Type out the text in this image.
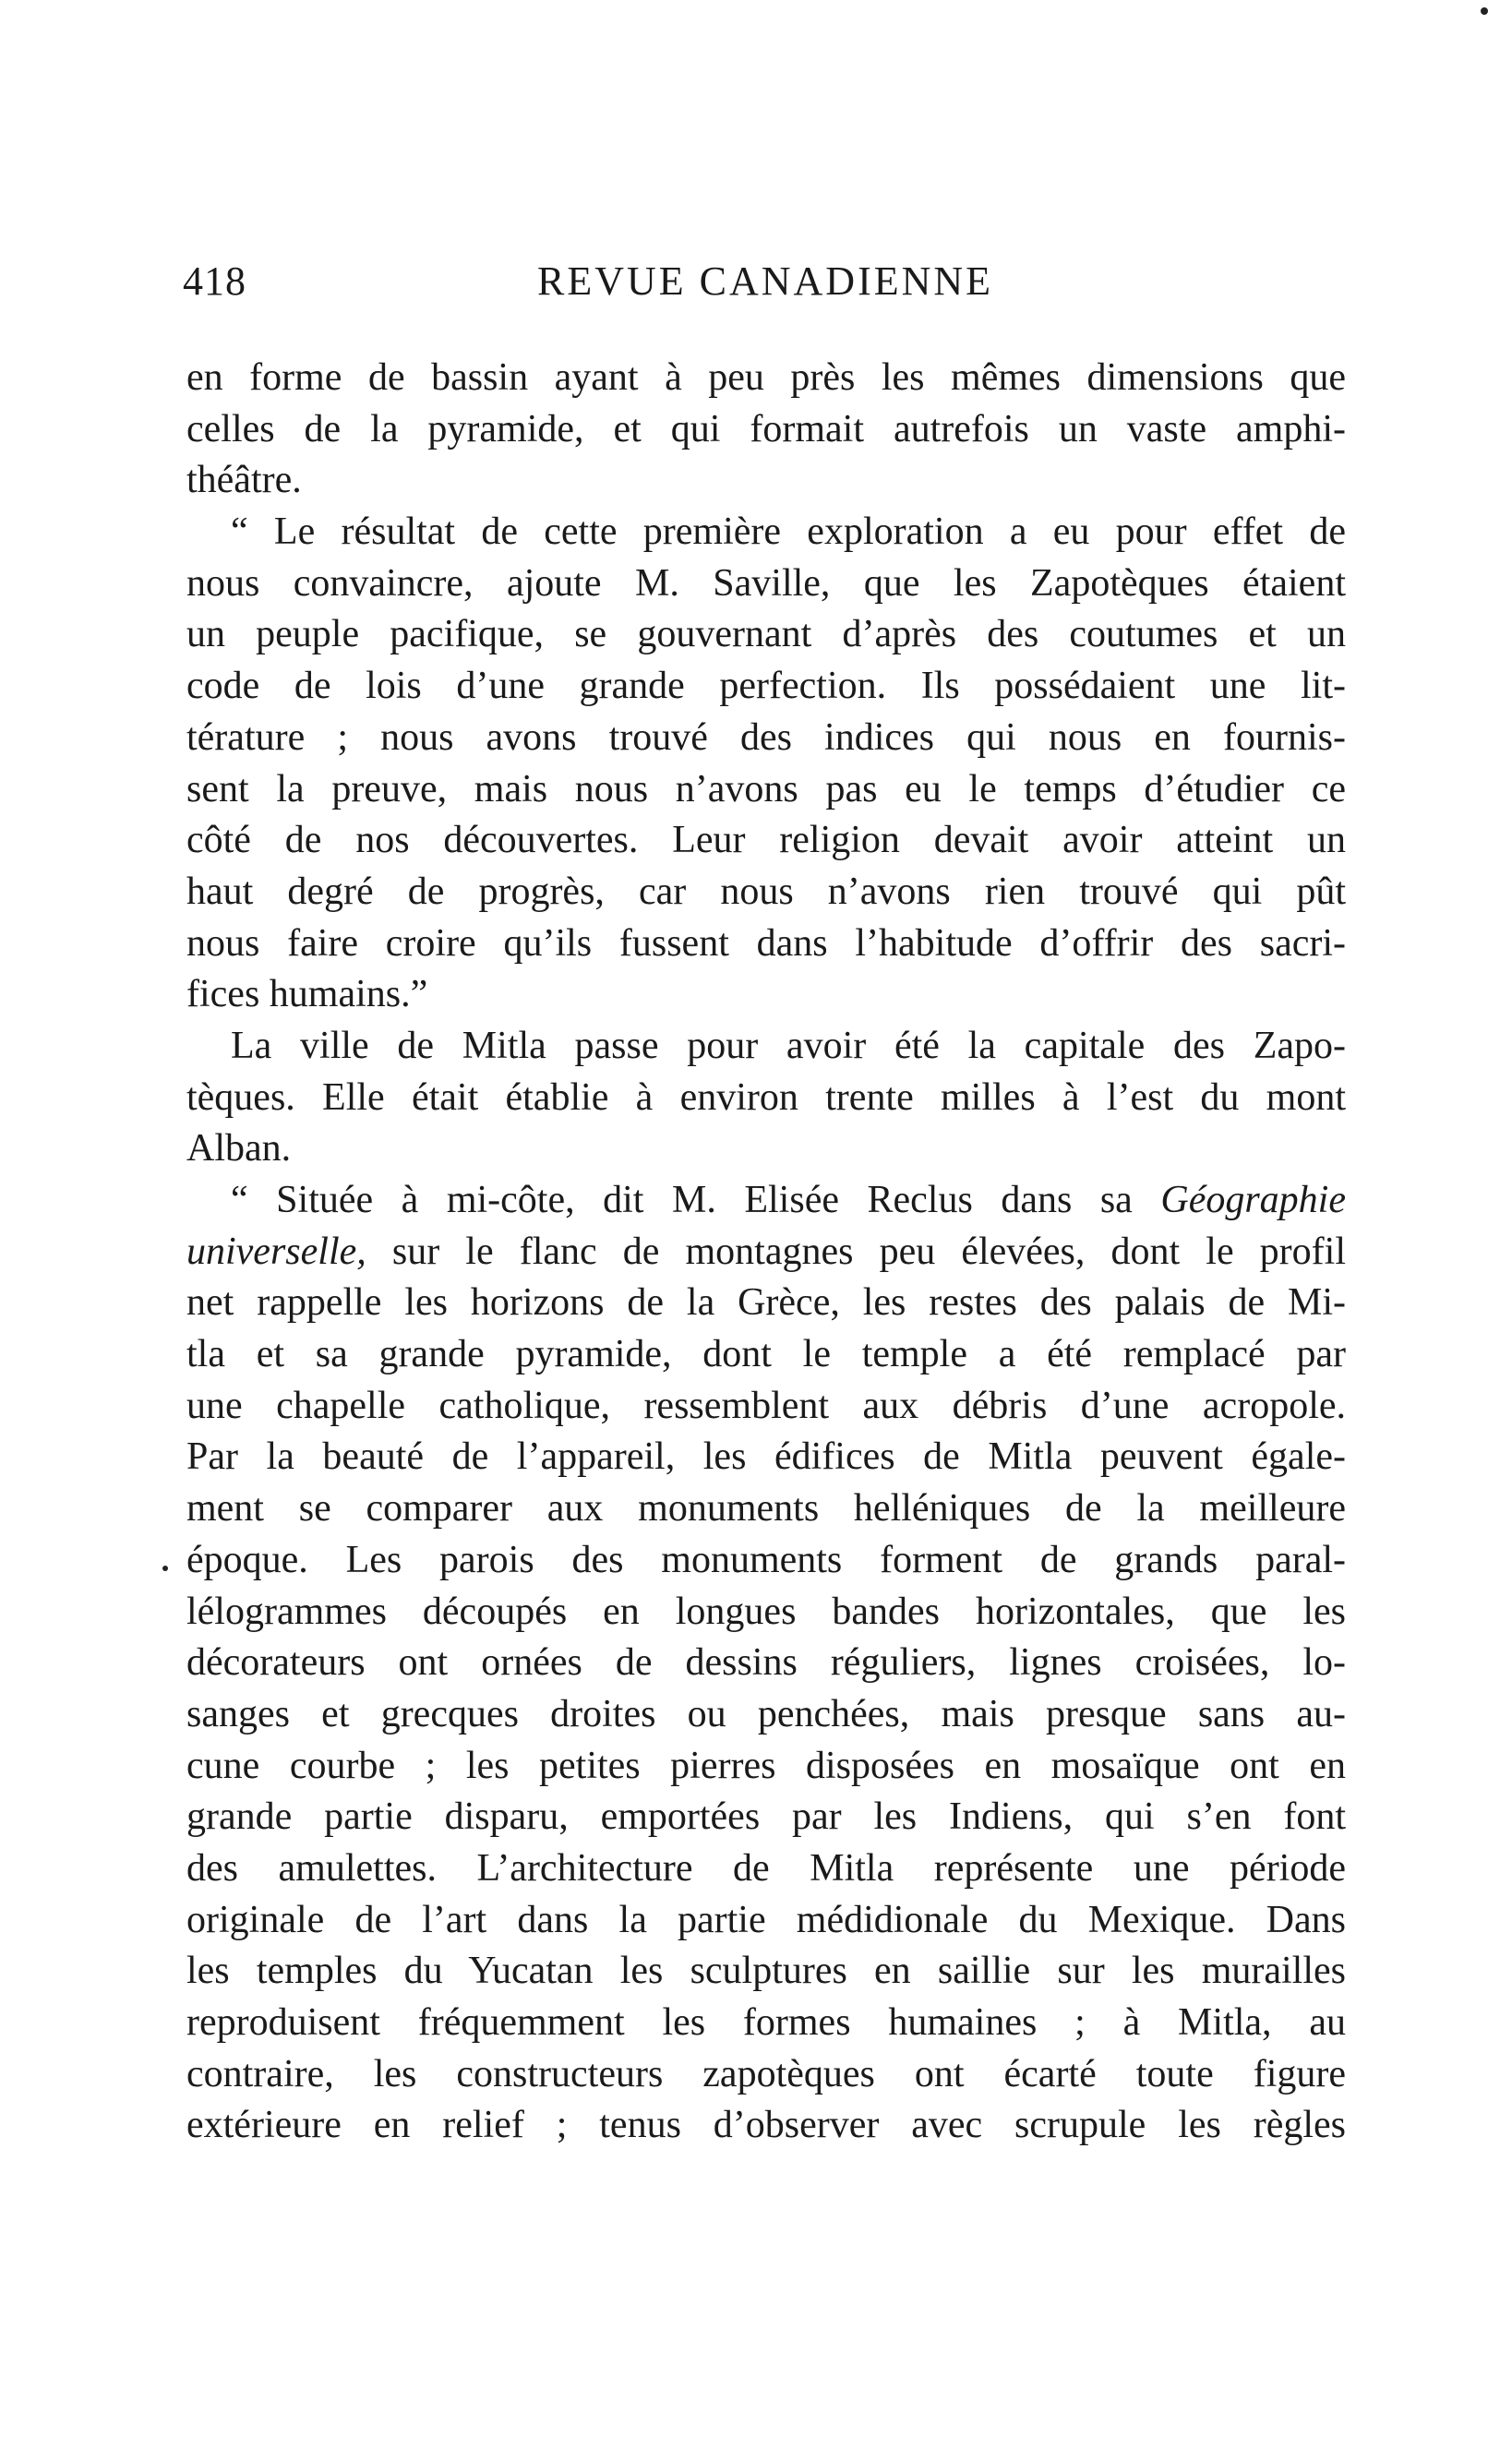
418	REVUE CANADIENNE
en forme de bassin ayant à peu près les mêmes dimensions que
celles de la pyramide, et qui formait autrefois un vaste amphi-
théâtre.
“ Le résultat de cette première exploration a eu pour effet de
nous convaincre, ajoute M. Saville, que les Zapotèques étaient
un peuple pacifique, se gouvernant d’après des coutumes et un
code de lois d’une grande perfection. Ils possédaient une lit-
térature ; nous avons trouvé des indices qui nous en fournis-
sent la preuve, mais nous n’avons pas eu le temps d’étudier ce
côté de nos découvertes. Leur religion devait avoir atteint un
haut degré de progrès, car nous n’avons rien trouvé qui pût
nous faire croire qu’ils fussent dans l’habitude d’offrir des sacri-
fices humains.”
La ville de Mitla passe pour avoir été la capitale des Zapo-
tèques. Elle était établie à environ trente milles à l’est du mont
Alban.
“ Située à mi-côte, dit M. Elisée Reclus dans sa Géographie
universelle, sur le flanc de montagnes peu élevées, dont le profil
net rappelle les horizons de la Grèce, les restes des palais de Mi-
tla et sa grande pyramide, dont le temple a été remplacé par
une chapelle catholique, ressemblent aux débris d’une acropole.
Par la beauté de l’appareil, les édifices de Mitla peuvent égale-
ment se comparer aux monuments helléniques de la meilleure
époque. Les parois des monuments forment de grands paral-
lélogrammes découpés en longues bandes horizontales, que les
décorateurs ont ornées de dessins réguliers, lignes croisées, lo-
sanges et grecques droites ou penchées, mais presque sans au-
cune courbe ; les petites pierres disposées en mosaïque ont en
grande partie disparu, emportées par les Indiens, qui s’en font
des amulettes. L’architecture de Mitla représente une période
originale de l’art dans la partie médidionale du Mexique. Dans
les temples du Yucatan les sculptures en saillie sur les murailles
reproduisent fréquemment les formes humaines ; à Mitla, au
contraire, les constructeurs zapotèques ont écarté toute figure
extérieure en relief ; tenus d’observer avec scrupule les règles
